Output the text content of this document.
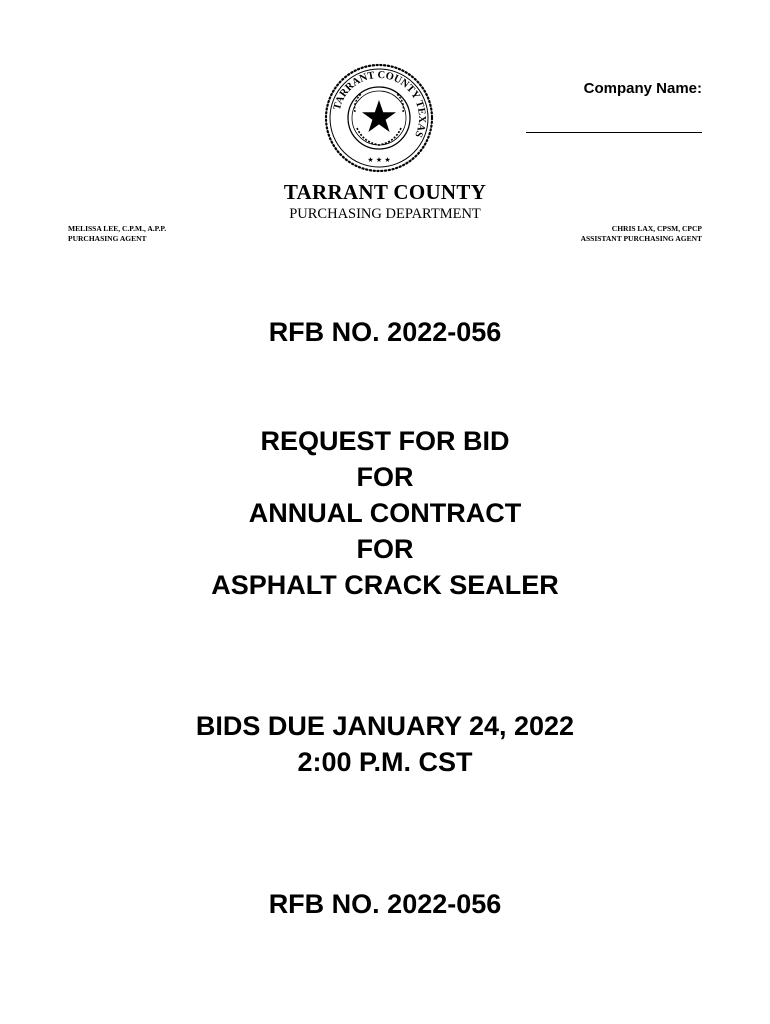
TARRANT COUNTY TEXAS
★ ★ ★
Company Name:
TARRANT COUNTY
PURCHASING DEPARTMENT
MELISSA LEE, C.P.M., A.P.P.
PURCHASING AGENT
CHRIS LAX, CPSM, CPCP
ASSISTANT PURCHASING AGENT
RFB NO. 2022-056
REQUEST FOR BID
FOR
ANNUAL CONTRACT
FOR
ASPHALT CRACK SEALER
BIDS DUE JANUARY 24, 2022
2:00 P.M. CST
RFB NO. 2022-056
